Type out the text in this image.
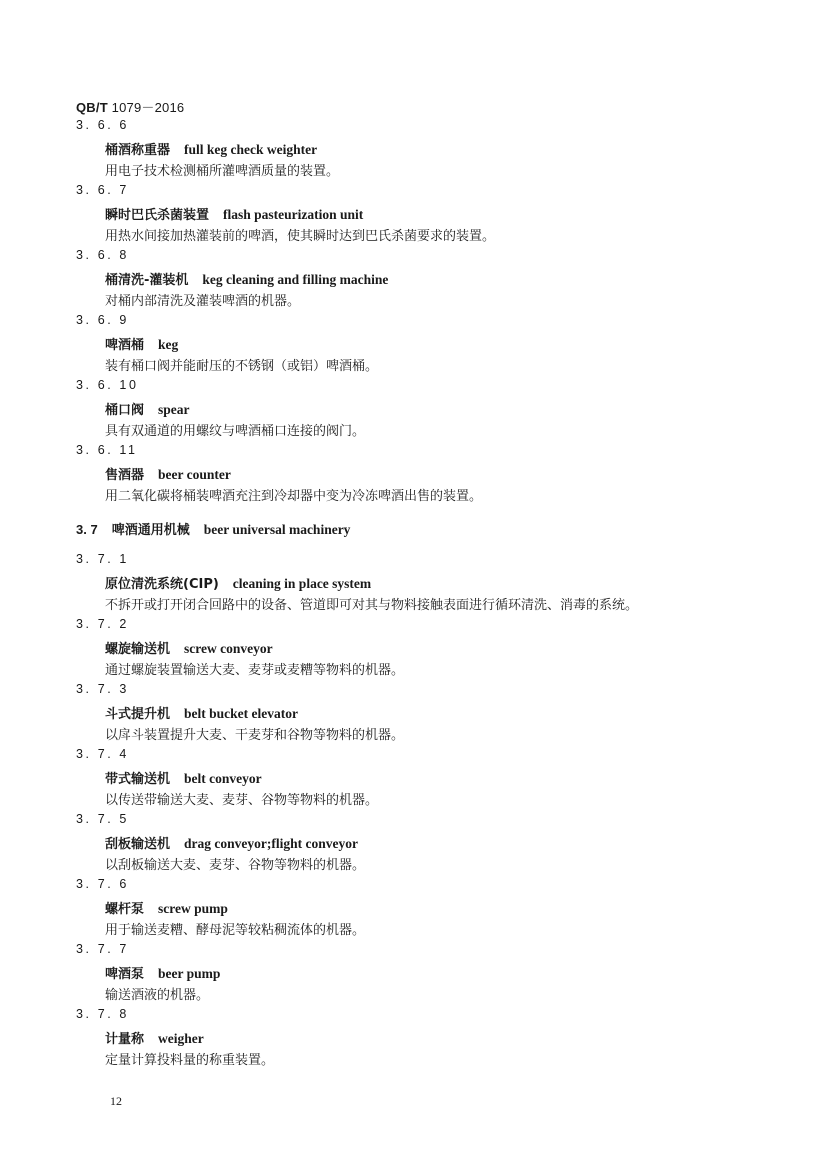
QB/T 1079－2016
3. 6. 6
桶酒称重器 full keg check weighter
用电子技术检测桶所灌啤酒质量的装置。
3. 6. 7
瞬时巴氏杀菌装置 flash pasteurization unit
用热水间接加热灌装前的啤酒，使其瞬时达到巴氏杀菌要求的装置。
3. 6. 8
桶清洗-灌装机 keg cleaning and filling machine
对桶内部清洗及灌装啤酒的机器。
3. 6. 9
啤酒桶 keg
装有桶口阀并能耐压的不锈钢（或铝）啤酒桶。
3. 6. 10
桶口阀 spear
具有双通道的用螺纹与啤酒桶口连接的阀门。
3. 6. 11
售酒器 beer counter
用二氧化碳将桶装啤酒充注到冷却器中变为冷冻啤酒出售的装置。
3. 7 啤酒通用机械 beer universal machinery
3. 7. 1
原位清洗系统(CIP) cleaning in place system
不拆开或打开闭合回路中的设备、管道即可对其与物料接触表面进行循环清洗、消毒的系统。
3. 7. 2
螺旋输送机 screw conveyor
通过螺旋装置输送大麦、麦芽或麦糟等物料的机器。
3. 7. 3
斗式提升机 belt bucket elevator
以戽斗装置提升大麦、干麦芽和谷物等物料的机器。
3. 7. 4
带式输送机 belt conveyor
以传送带输送大麦、麦芽、谷物等物料的机器。
3. 7. 5
刮板输送机 drag conveyor;flight conveyor
以刮板输送大麦、麦芽、谷物等物料的机器。
3. 7. 6
螺杆泵 screw pump
用于输送麦糟、酵母泥等较粘稠流体的机器。
3. 7. 7
啤酒泵 beer pump
输送酒液的机器。
3. 7. 8
计量称 weigher
定量计算投料量的称重装置。
12
